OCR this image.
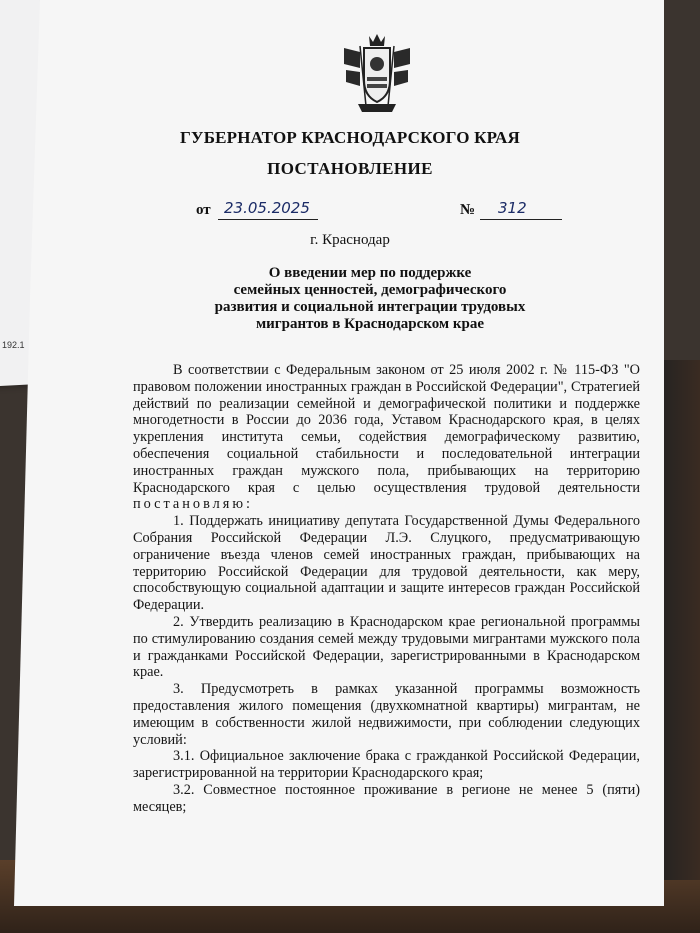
192.1
ГУБЕРНАТОР КРАСНОДАРСКОГО КРАЯ
ПОСТАНОВЛЕНИЕ
от 23.05.2025	№ 312
г. Краснодар
О введении мер по поддержке
семейных ценностей, демографического
развития и социальной интеграции трудовых
мигрантов в Краснодарском крае

В соответствии с Федеральным законом от 25 июля 2002 г. № 115-ФЗ "О правовом положении иностранных граждан в Российской Федерации", Стратегией действий по реализации семейной и демографической политики и поддержке многодетности в России до 2036 года, Уставом Краснодарского края, в целях укрепления института семьи, содействия демографическому развитию, обеспечения социальной стабильности и последовательной интеграции иностранных граждан мужского пола, прибывающих на территорию Краснодарского края с целью осуществления трудовой деятельности постановляю:

1. Поддержать инициативу депутата Государственной Думы Федерального Собрания Российской Федерации Л.Э. Слуцкого, предусматривающую ограничение въезда членов семей иностранных граждан, прибывающих на территорию Российской Федерации для трудовой деятельности, как меру, способствующую социальной адаптации и защите интересов граждан Российской Федерации.

2. Утвердить реализацию в Краснодарском крае региональной программы по стимулированию создания семей между трудовыми мигрантами мужского пола и гражданками Российской Федерации, зарегистрированными в Краснодарском крае.

3. Предусмотреть в рамках указанной программы возможность предоставления жилого помещения (двухкомнатной квартиры) мигрантам, не имеющим в собственности жилой недвижимости, при соблюдении следующих условий:

3.1. Официальное заключение брака с гражданкой Российской Федерации, зарегистрированной на территории Краснодарского края;

3.2. Совместное постоянное проживание в регионе не менее 5 (пяти) месяцев;
